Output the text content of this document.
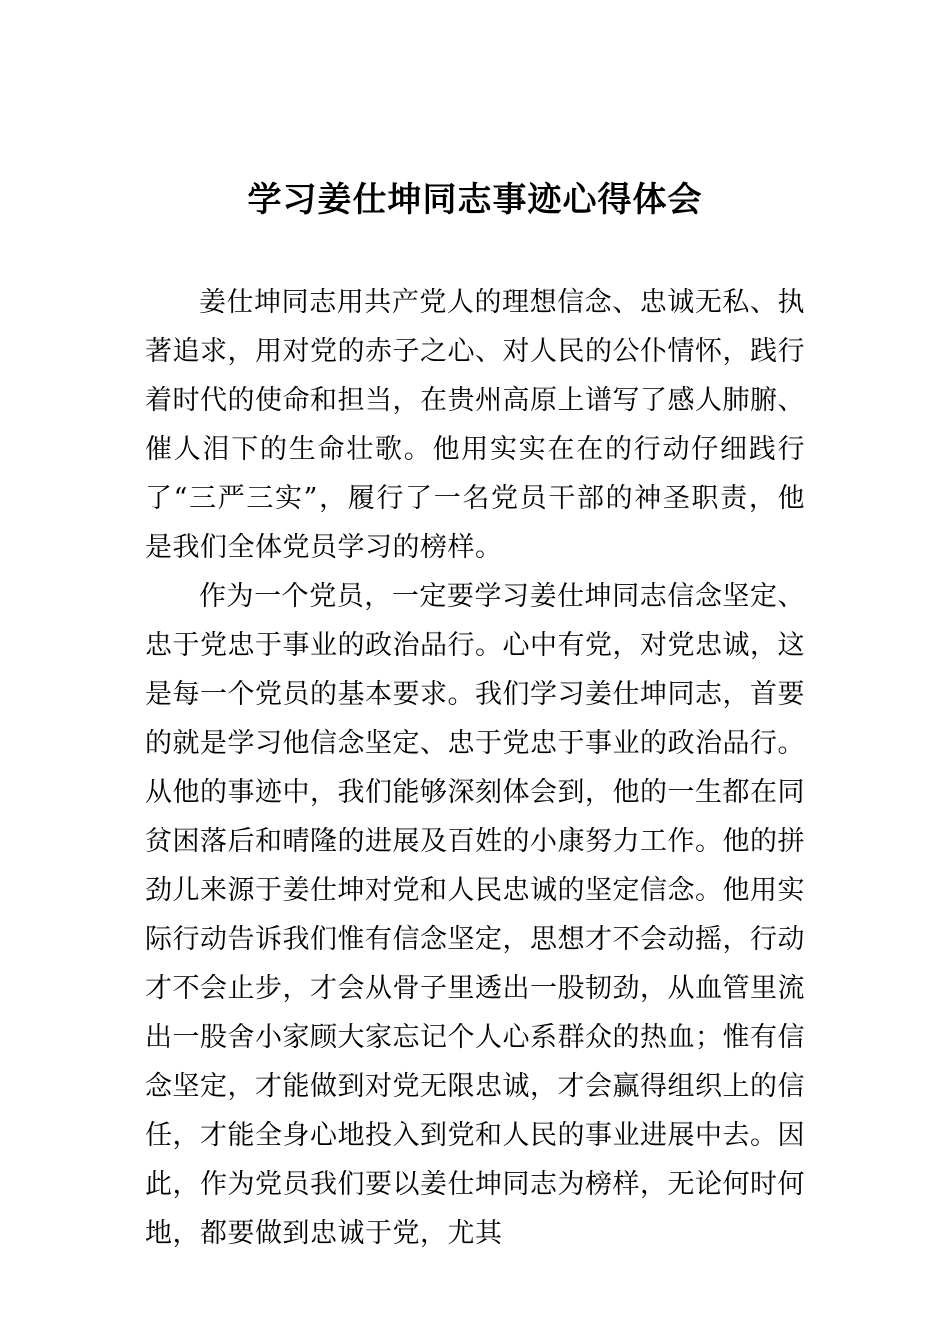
学习姜仕坤同志事迹心得体会

姜仕坤同志用共产党人的理想信念、忠诚无私、执著追求，用对党的赤子之心、对人民的公仆情怀，践行着时代的使命和担当，在贵州高原上谱写了感人肺腑、催人泪下的生命壮歌。他用实实在在的行动仔细践行了“三严三实”，履行了一名党员干部的神圣职责，他是我们全体党员学习的榜样。

作为一个党员，一定要学习姜仕坤同志信念坚定、忠于党忠于事业的政治品行。心中有党，对党忠诚，这是每一个党员的基本要求。我们学习姜仕坤同志，首要的就是学习他信念坚定、忠于党忠于事业的政治品行。从他的事迹中，我们能够深刻体会到，他的一生都在同贫困落后和晴隆的进展及百姓的小康努力工作。他的拼劲儿来源于姜仕坤对党和人民忠诚的坚定信念。他用实际行动告诉我们惟有信念坚定，思想才不会动摇，行动才不会止步，才会从骨子里透出一股韧劲，从血管里流出一股舍小家顾大家忘记个人心系群众的热血；惟有信念坚定，才能做到对党无限忠诚，才会赢得组织上的信任，才能全身心地投入到党和人民的事业进展中去。因此，作为党员我们要以姜仕坤同志为榜样，无论何时何地，都要做到忠诚于党，尤其
